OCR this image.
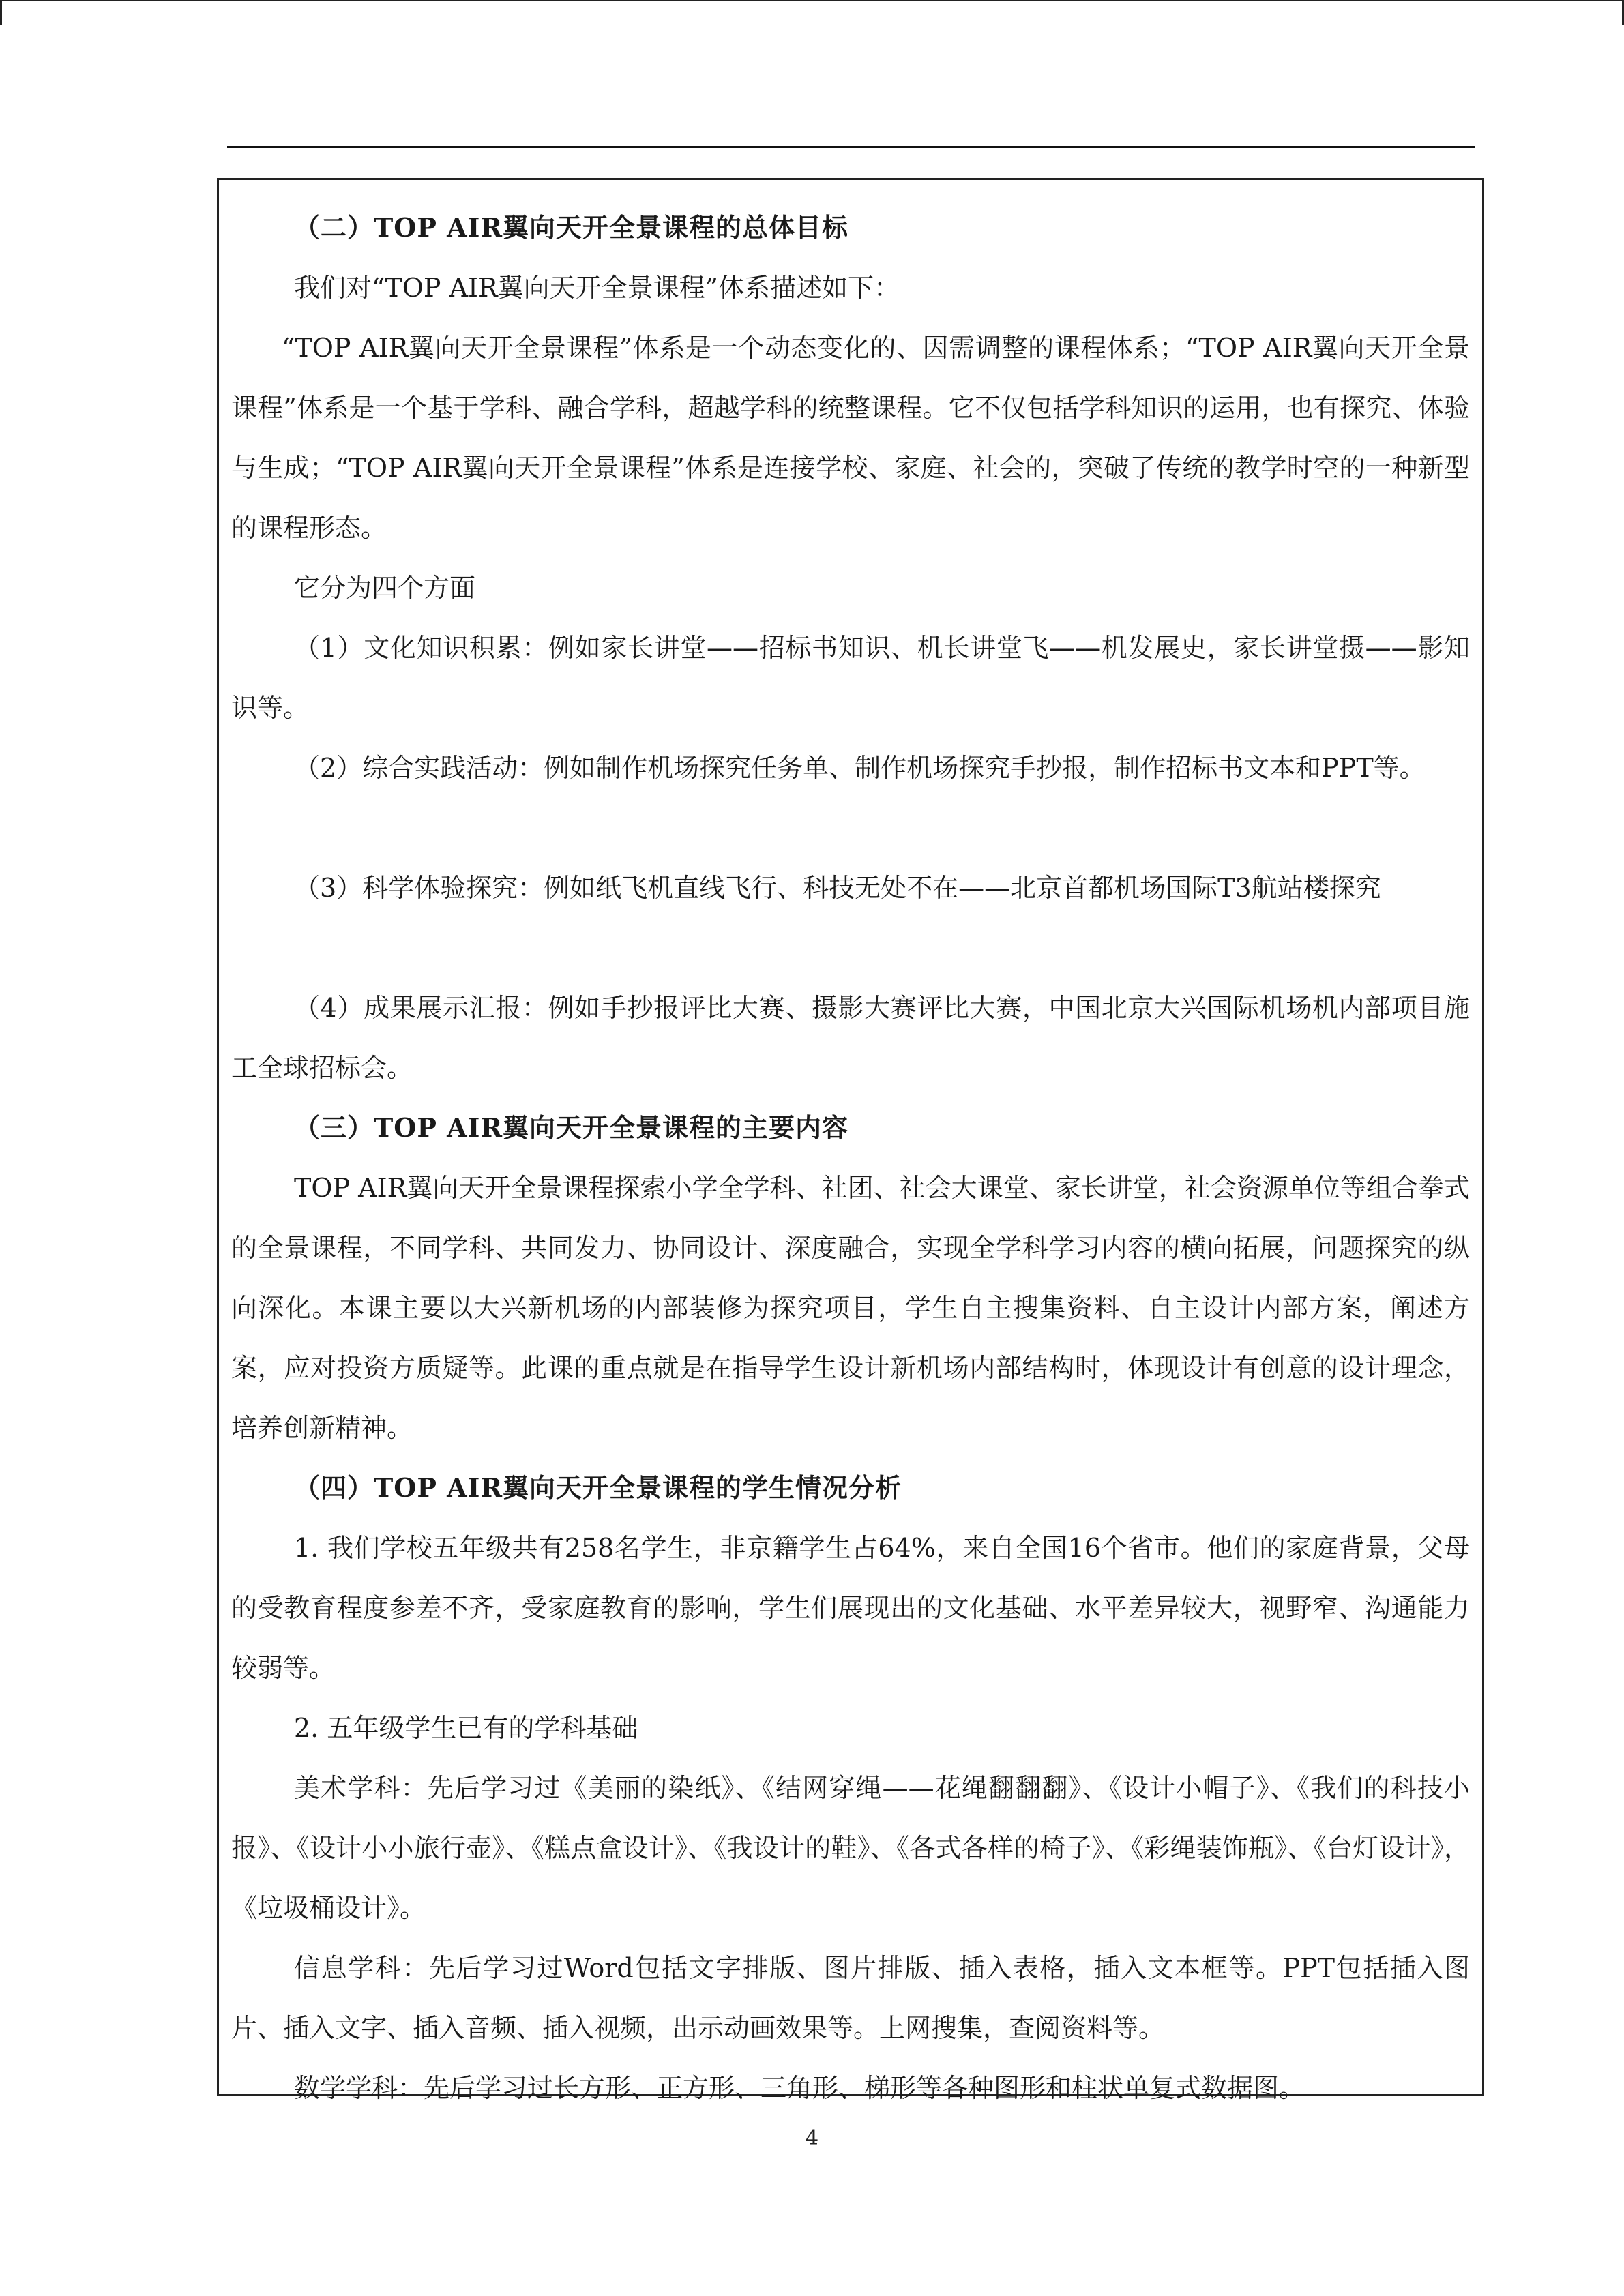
（二）TOP AIR翼向天开全景课程的总体目标

我们对“TOP AIR翼向天开全景课程”体系描述如下：

“TOP AIR翼向天开全景课程”体系是一个动态变化的、因需调整的课程体系；“TOP AIR翼向天开全景课程”体系是一个基于学科、融合学科，超越学科的统整课程。它不仅包括学科知识的运用，也有探究、体验与生成；“TOP AIR翼向天开全景课程”体系是连接学校、家庭、社会的，突破了传统的教学时空的一种新型的课程形态。

它分为四个方面

（1）文化知识积累：例如家长讲堂——招标书知识、机长讲堂飞——机发展史，家长讲堂摄——影知识等。

（2）综合实践活动：例如制作机场探究任务单、制作机场探究手抄报，制作招标书文本和PPT等。

（3）科学体验探究：例如纸飞机直线飞行、科技无处不在——北京首都机场国际T3航站楼探究

（4）成果展示汇报：例如手抄报评比大赛、摄影大赛评比大赛，中国北京大兴国际机场机内部项目施工全球招标会。

（三）TOP AIR翼向天开全景课程的主要内容

TOP AIR翼向天开全景课程探索小学全学科、社团、社会大课堂、家长讲堂，社会资源单位等组合拳式的全景课程，不同学科、共同发力、协同设计、深度融合，实现全学科学习内容的横向拓展，问题探究的纵向深化。本课主要以大兴新机场的内部装修为探究项目，学生自主搜集资料、自主设计内部方案，阐述方案，应对投资方质疑等。此课的重点就是在指导学生设计新机场内部结构时，体现设计有创意的设计理念，培养创新精神。

（四）TOP AIR翼向天开全景课程的学生情况分析

1. 我们学校五年级共有258名学生，非京籍学生占64%，来自全国16个省市。他们的家庭背景，父母的受教育程度参差不齐，受家庭教育的影响，学生们展现出的文化基础、水平差异较大，视野窄、沟通能力较弱等。

2. 五年级学生已有的学科基础

美术学科：先后学习过《美丽的染纸》、《结网穿绳——花绳翻翻翻》、《设计小帽子》、《我们的科技小报》、《设计小小旅行壶》、《糕点盒设计》、《我设计的鞋》、《各式各样的椅子》、《彩绳装饰瓶》、《台灯设计》，《垃圾桶设计》。

信息学科：先后学习过Word包括文字排版、图片排版、插入表格，插入文本框等。PPT包括插入图片、插入文字、插入音频、插入视频，出示动画效果等。上网搜集，查阅资料等。

数学学科：先后学习过长方形、正方形、三角形、梯形等各种图形和柱状单复式数据图。

4
